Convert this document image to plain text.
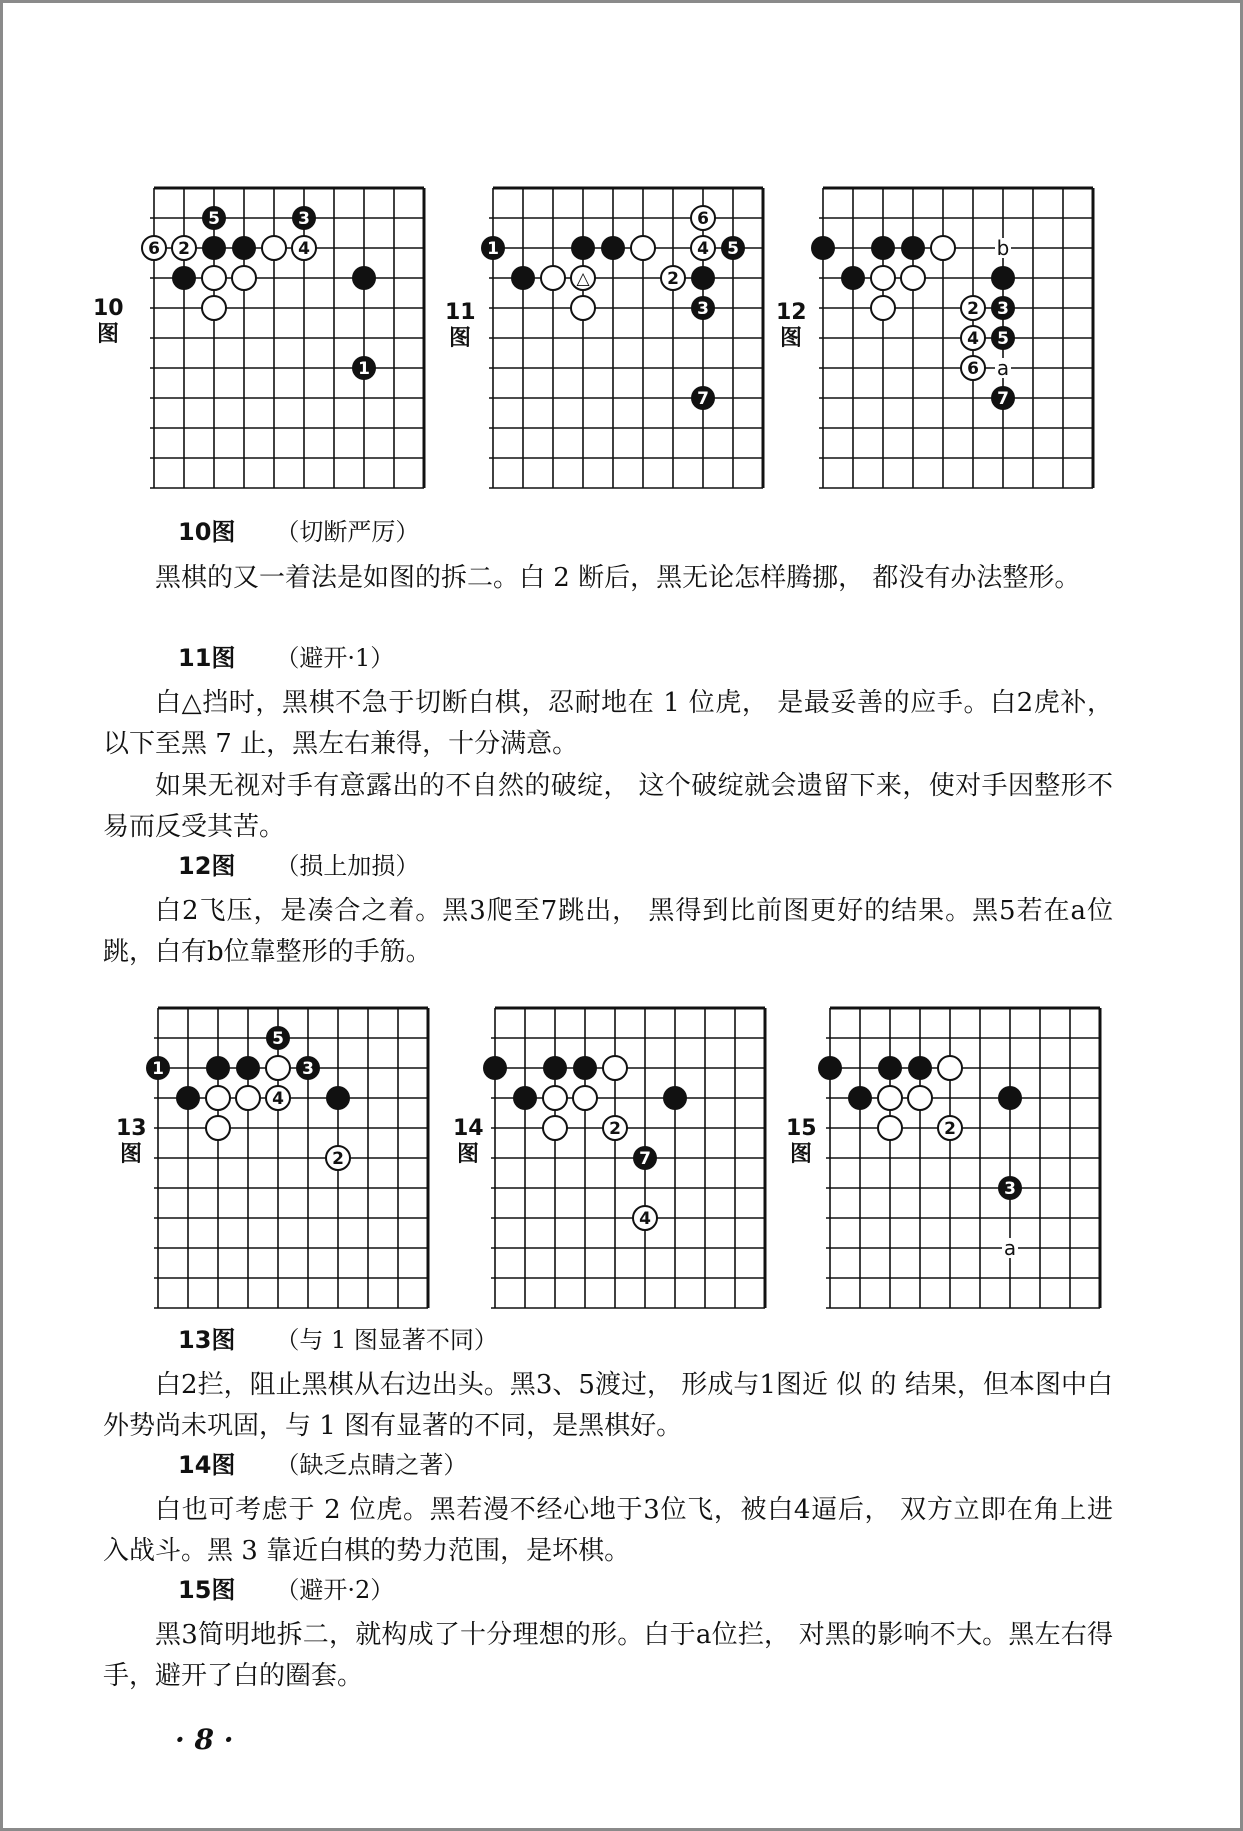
5	3
6 2	4
1
10
图
6
1	4 5
△	2
3
7
11
图
2 3
4 5
6
7
b
a
12
图
10图 （切断严厉）
黑棋的又一着法是如图的拆二。白 2 断后，黑无论怎样腾挪， 都没有办法整形。
11图 （避开·1）
白△挡时，黑棋不急于切断白棋，忍耐地在 1 位虎， 是最妥善的应手。白2虎补，以下至黑 7 止，黑左右兼得，十分满意。
如果无视对手有意露出的不自然的破绽， 这个破绽就会遗留下来，使对手因整形不易而反受其苦。
12图 （损上加损）
白2飞压，是凑合之着。黑3爬至7跳出， 黑得到比前图更好的结果。黑5若在a位跳，白有b位靠整形的手筋。
5
1	3
4
2
13
图
2
7
4
14
图
2
3
a
15
图
13图 （与 1 图显著不同）
白2拦，阻止黑棋从右边出头。黑3、5渡过， 形成与1图近 似 的 结果，但本图中白外势尚未巩固，与 1 图有显著的不同，是黑棋好。
14图 （缺乏点睛之著）
白也可考虑于 2 位虎。黑若漫不经心地于3位飞，被白4逼后， 双方立即在角上进入战斗。黑 3 靠近白棋的势力范围，是坏棋。
15图 （避开·2）
黑3简明地拆二，就构成了十分理想的形。白于a位拦， 对黑的影响不大。黑左右得手，避开了白的圈套。
· 8 ·
